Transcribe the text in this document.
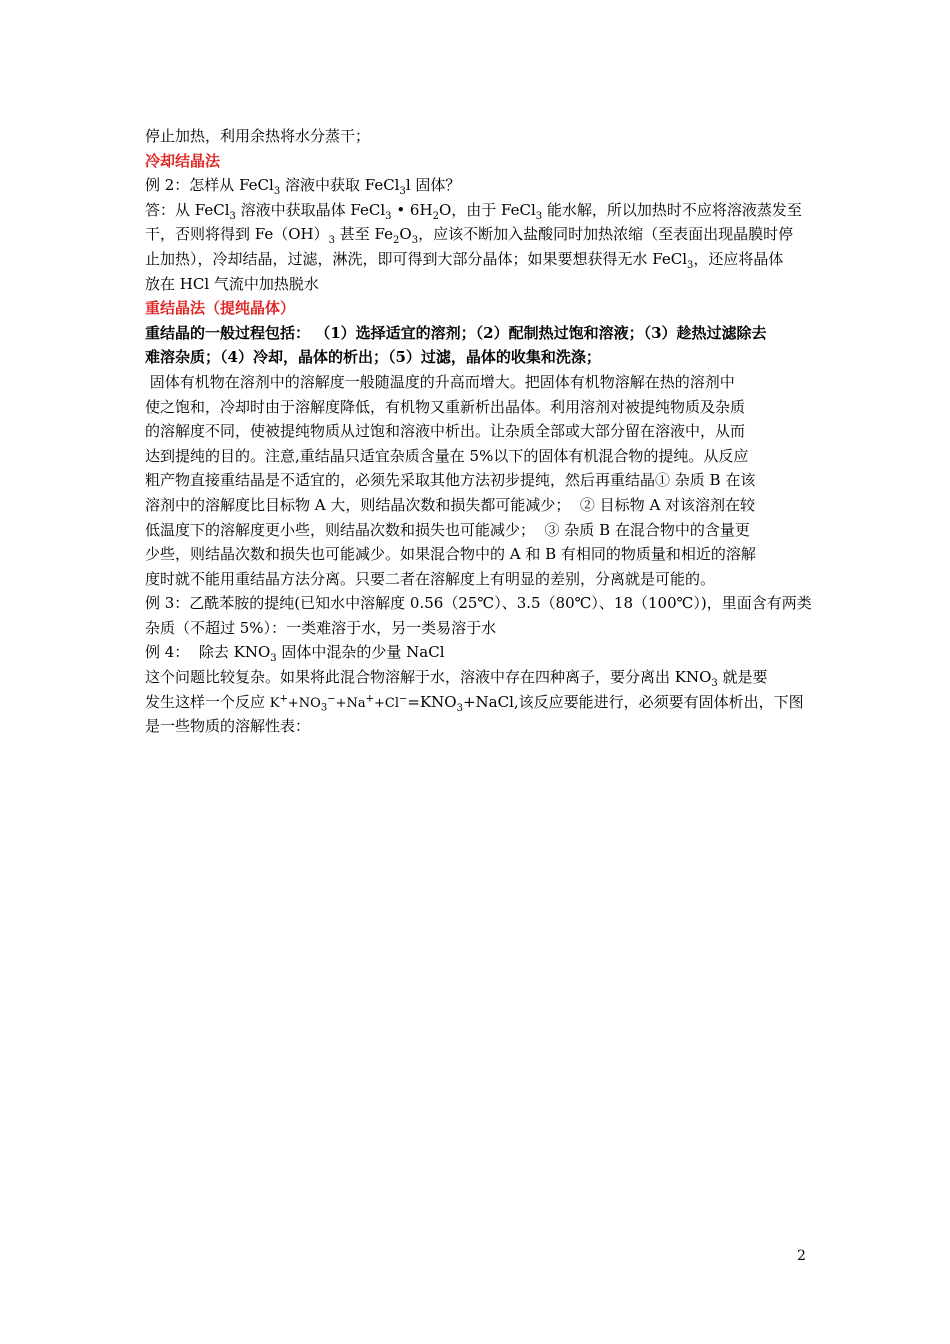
停止加热，利用余热将水分蒸干；
冷却结晶法
例 2：怎样从 FeCl$_3$ 溶液中获取 FeCl$_3$l 固体？
答：从 FeCl$_3$ 溶液中获取晶体 FeCl$_3$ • $6H_2O$，由于 FeCl$_3$ 能水解，所以加热时不应将溶液蒸发至
干，否则将得到 $Fe(OH)_3$ 甚至 $Fe_2O_3$，应该不断加入盐酸同时加热浓缩（至表面出现晶膜时停
止加热），冷却结晶，过滤，淋洗，即可得到大部分晶体；如果要想获得无水 FeCl$_3$，还应将晶体
放在 HCl 气流中加热脱水
重结晶法（提纯晶体）
重结晶的一般过程包括： （1）选择适宜的溶剂；（2）配制热过饱和溶液；（3）趁热过滤除去
难溶杂质；（4）冷却，晶体的析出；（5）过滤，晶体的收集和洗涤；
固体有机物在溶剂中的溶解度一般随温度的升高而增大。把固体有机物溶解在热的溶剂中
使之饱和，冷却时由于溶解度降低，有机物又重新析出晶体。利用溶剂对被提纯物质及杂质
的溶解度不同，使被提纯物质从过饱和溶液中析出。让杂质全部或大部分留在溶液中，从而
达到提纯的目的。注意,重结晶只适宜杂质含量在 5%以下的固体有机混合物的提纯。从反应
粗产物直接重结晶是不适宜的，必须先采取其他方法初步提纯，然后再重结晶① 杂质 B 在该
溶剂中的溶解度比目标物 A 大，则结晶次数和损失都可能减少；  ② 目标物 A 对该溶剂在较
低温度下的溶解度更小些，则结晶次数和损失也可能减少；  ③ 杂质 B 在混合物中的含量更
少些，则结晶次数和损失也可能减少。如果混合物中的 A 和 B 有相同的物质量和相近的溶解
度时就不能用重结晶方法分离。只要二者在溶解度上有明显的差别，分离就是可能的。
例 3：乙酰苯胺的提纯(已知水中溶解度 0.56（25℃）、3.5（80℃）、18（100℃）)，里面含有两类
杂质（不超过 5%）：一类难溶于水，另一类易溶于水
例 4：  除去 $KNO_3$ 固体中混杂的少量 NaCl
这个问题比较复杂。如果将此混合物溶解于水，溶液中存在四种离子，要分离出 $KNO_3$ 就是要
发生这样一个反应 $K^++NO_3^-+Na^++Cl^-=KNO_3+NaCl$,该反应要能进行，必须要有固体析出，下图
是一些物质的溶解性表：
2
